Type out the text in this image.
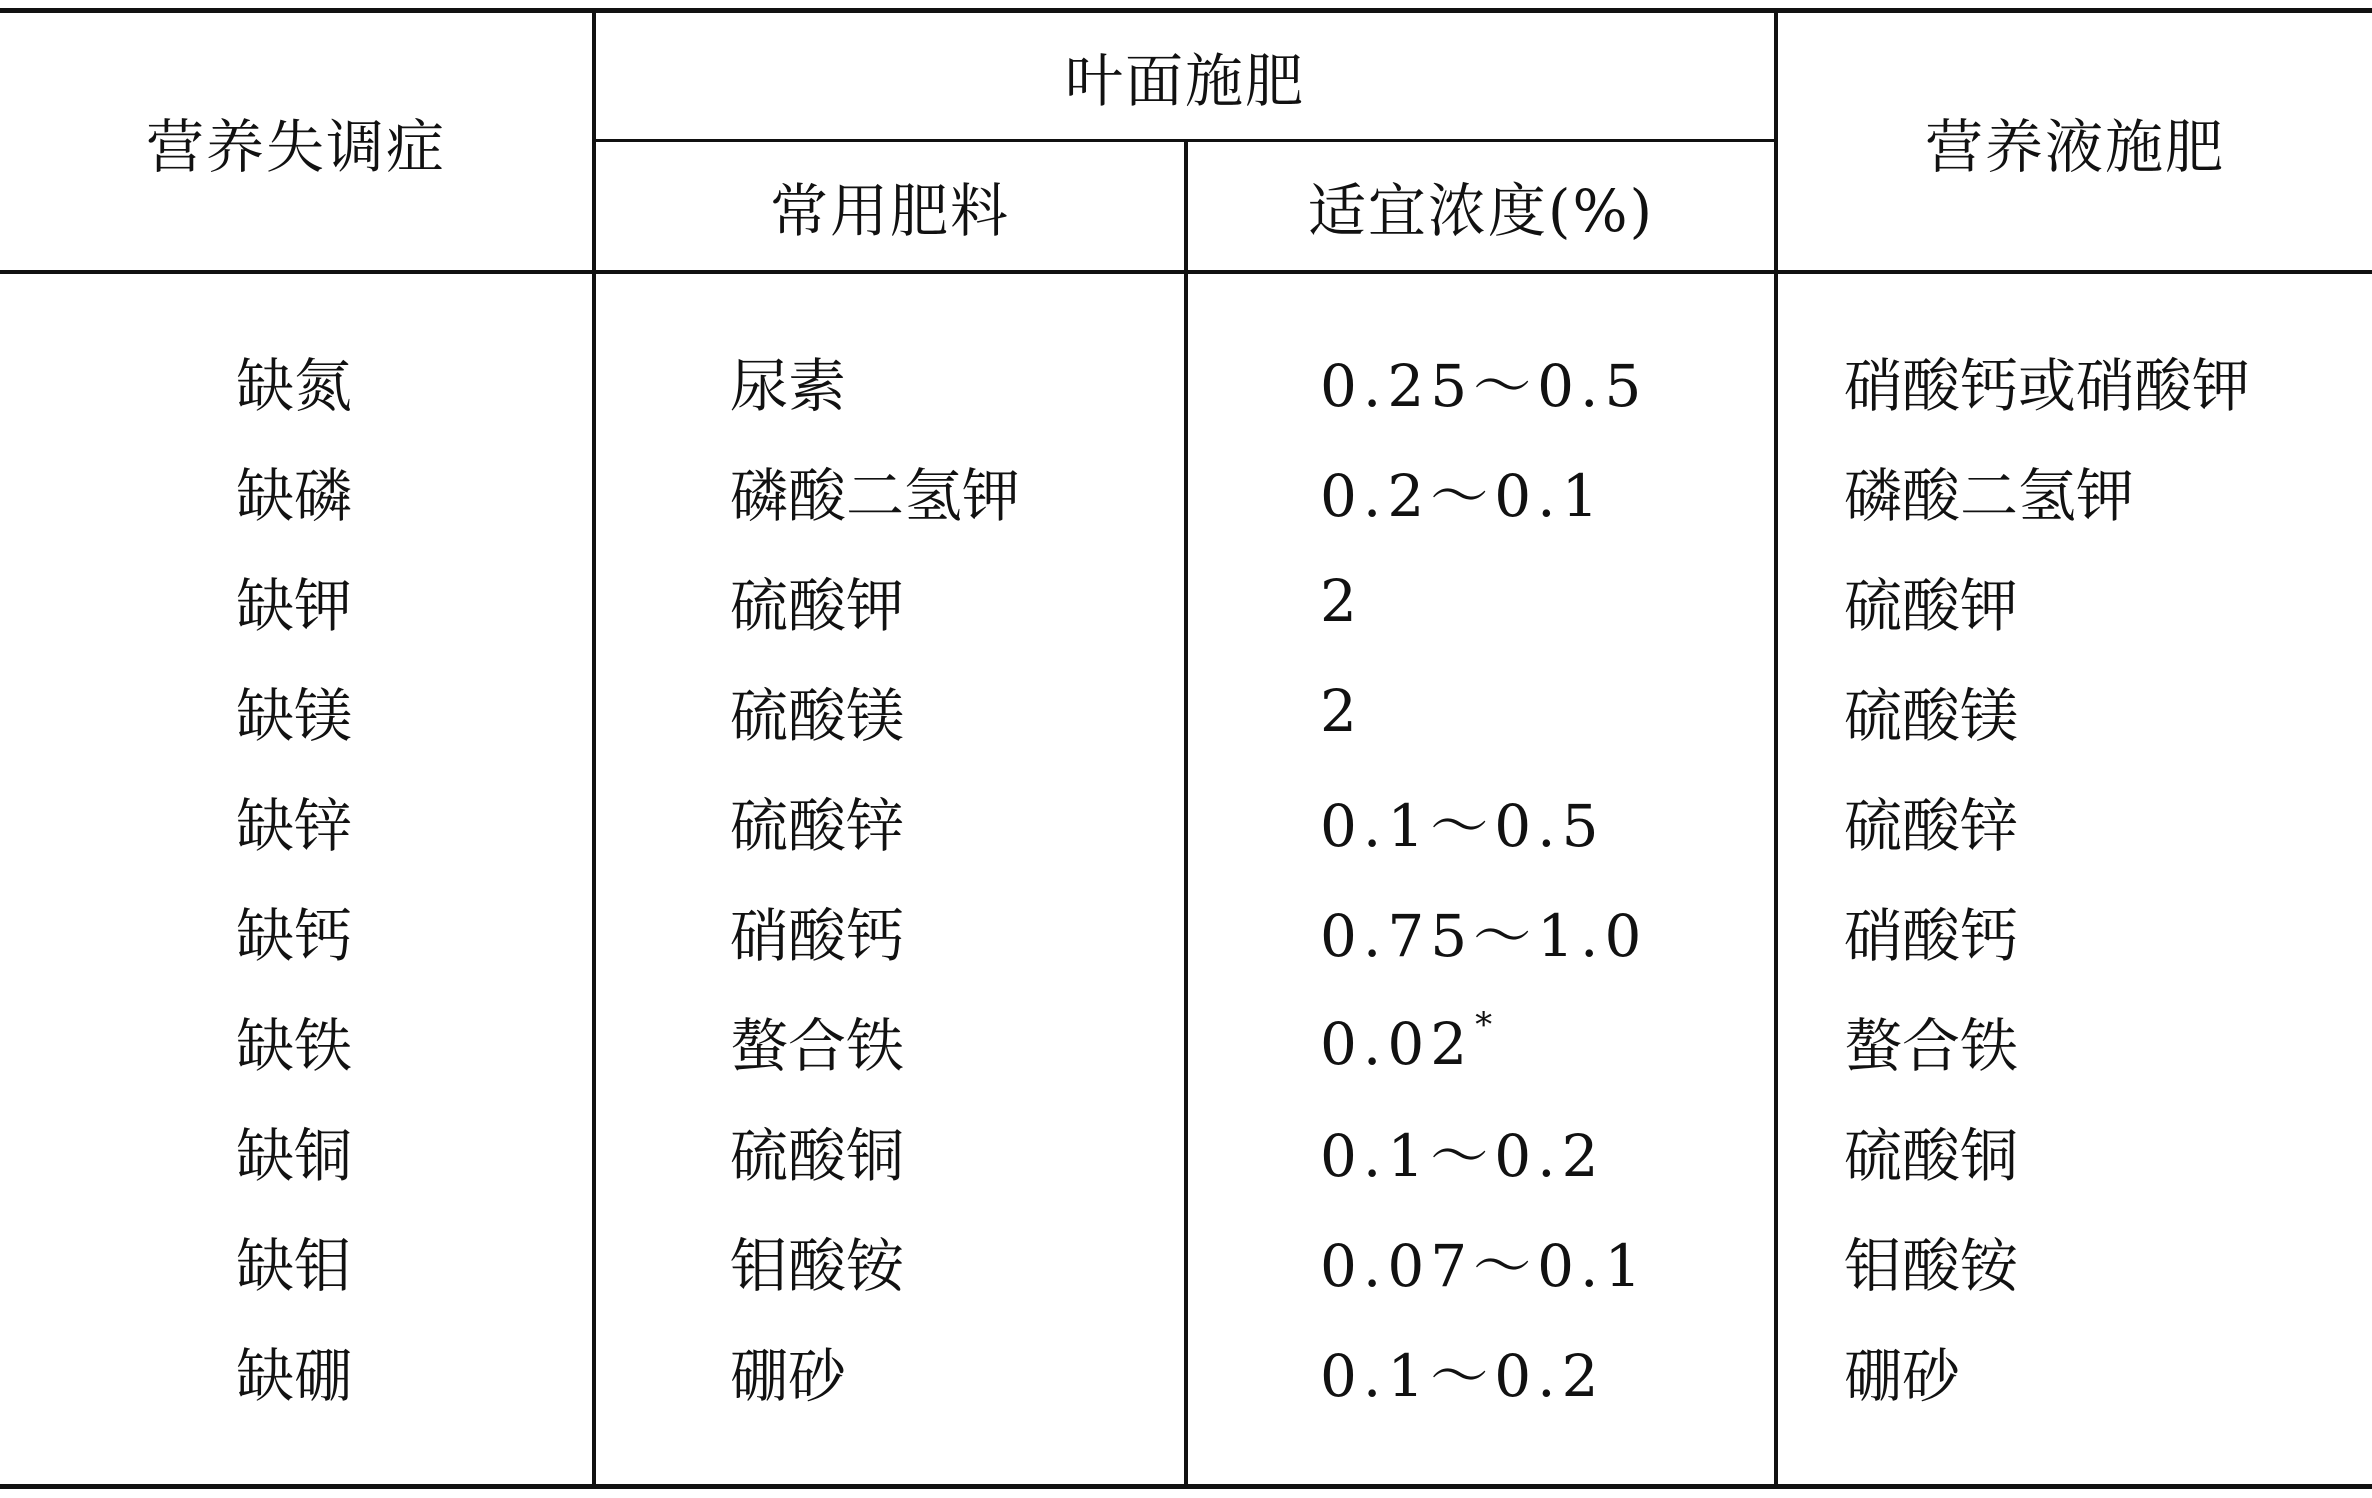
营养失调症	叶面施肥		营养液施肥
	常用肥料	适宜浓度(%)	
缺氮	尿素	0.25～0.5	硝酸钙或硝酸钾
缺磷	磷酸二氢钾	0.2～0.1	磷酸二氢钾
缺钾	硫酸钾	2	硫酸钾
缺镁	硫酸镁	2	硫酸镁
缺锌	硫酸锌	0.1～0.5	硫酸锌
缺钙	硝酸钙	0.75～1.0	硝酸钙
缺铁	螯合铁	0.02*	螯合铁
缺铜	硫酸铜	0.1～0.2	硫酸铜
缺钼	钼酸铵	0.07～0.1	钼酸铵
缺硼	硼砂	0.1～0.2	硼砂
